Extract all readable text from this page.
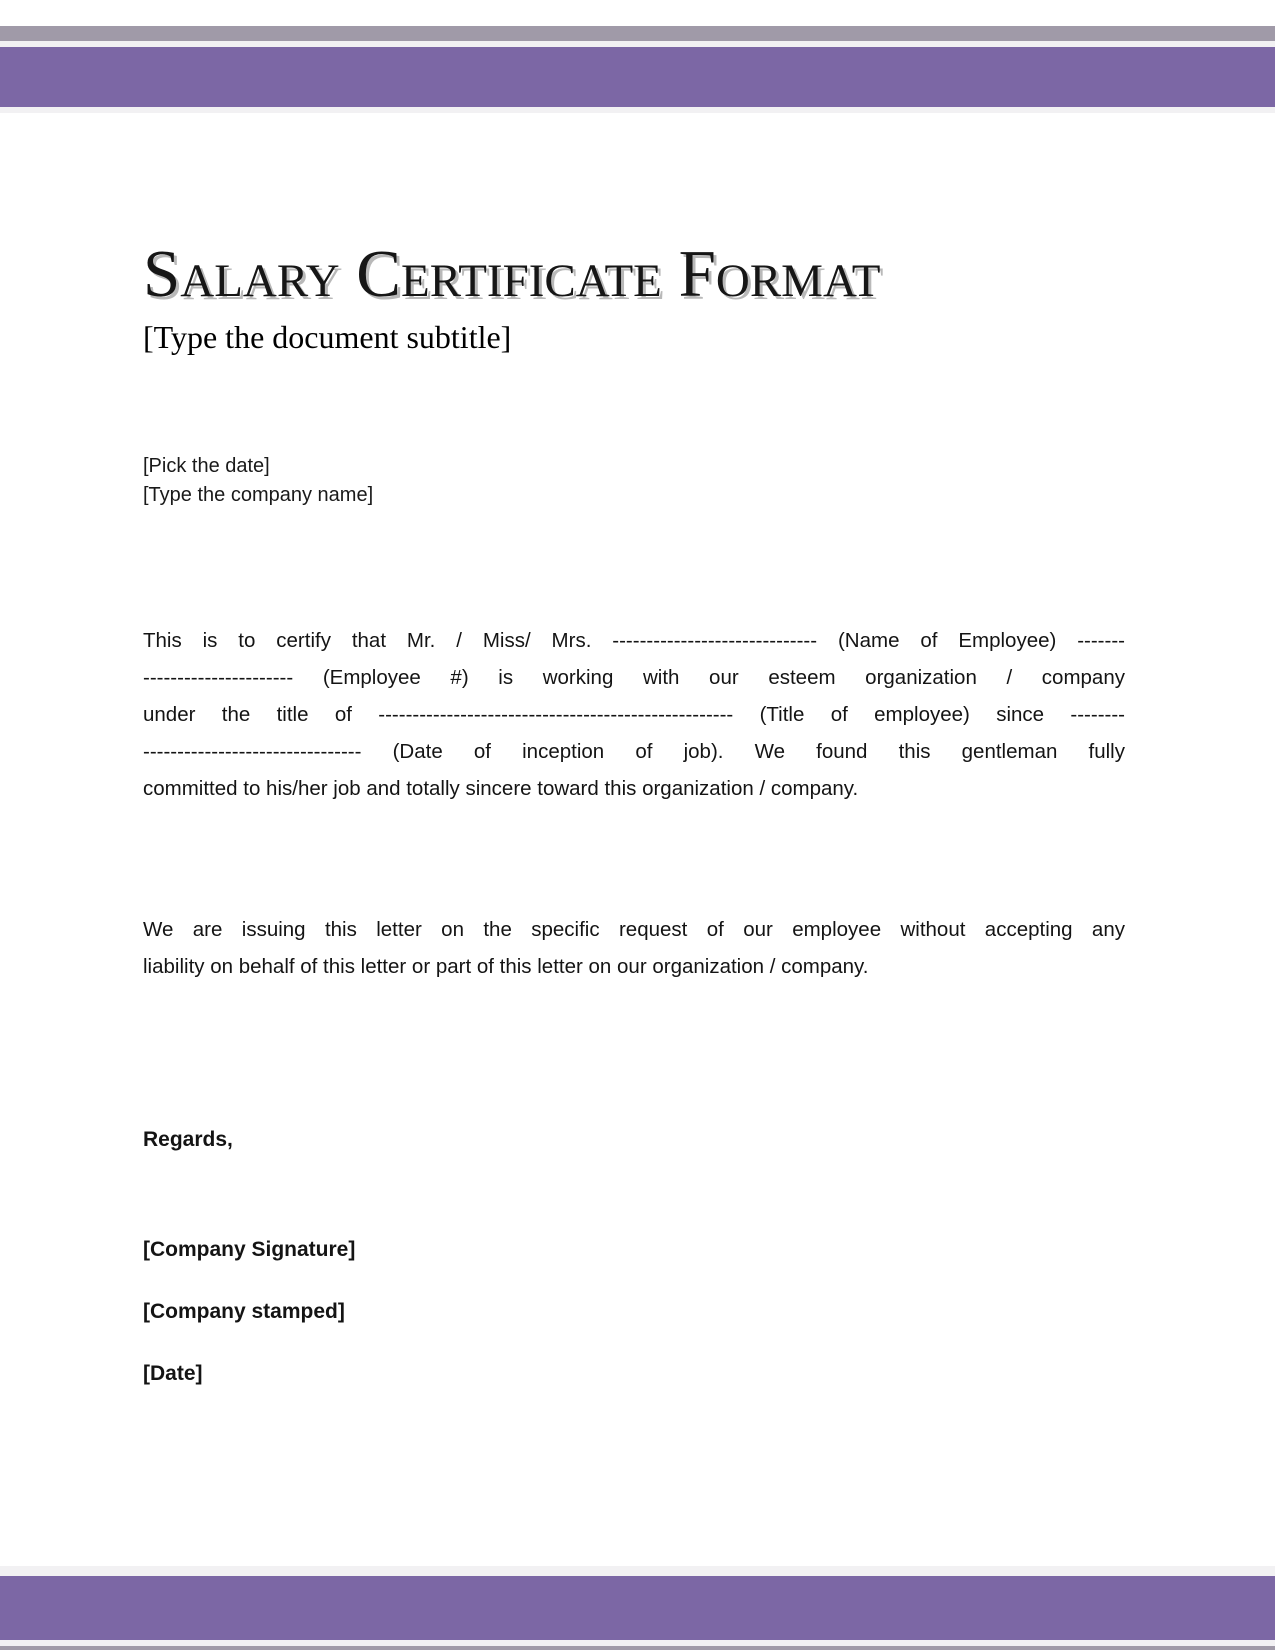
Salary Certificate Format
[Type the document subtitle]
[Pick the date]
[Type the company name]
This is to certify that Mr. / Miss/ Mrs. ------------------------------ (Name of Employee) -------
---------------------- (Employee #) is working with our esteem organization / company
under the title of ---------------------------------------------------- (Title of employee) since --------
-------------------------------- (Date of inception of job). We found this gentleman fully
committed to his/her job and totally sincere toward this organization / company.
We are issuing this letter on the specific request of our employee without accepting any
liability on behalf of this letter or part of this letter on our organization / company.
Regards,
[Company Signature]
[Company stamped]
[Date]
